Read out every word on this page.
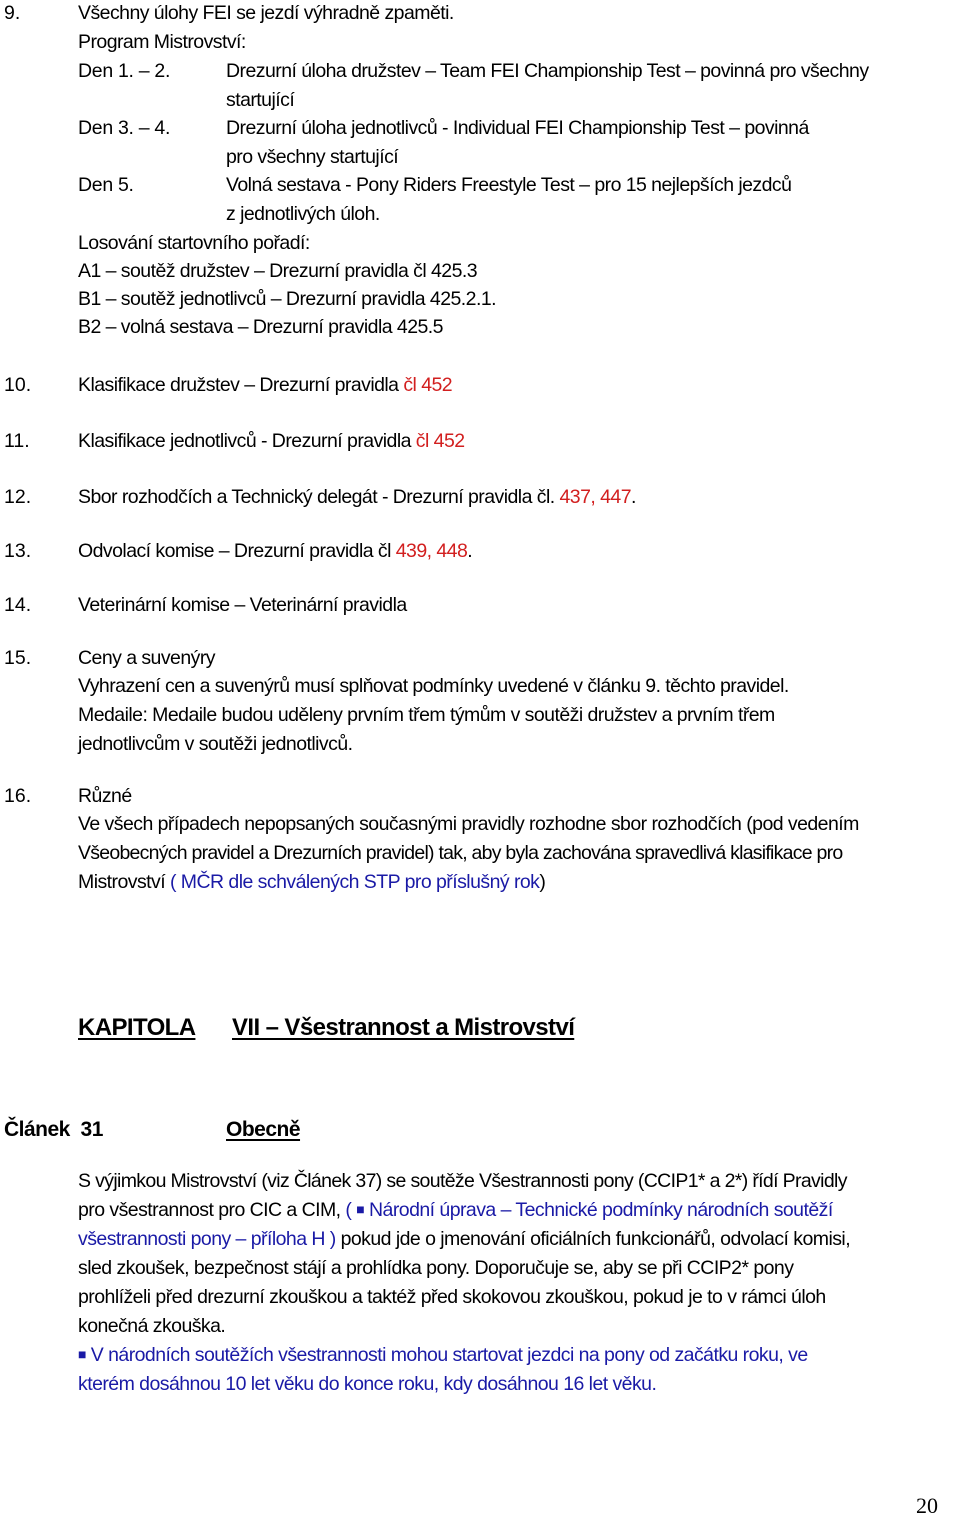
9.	Všechny úlohy FEI se jezdí výhradně zpaměti.
Program Mistrovství:
Den 1. – 2.	Drezurní úloha družstev – Team FEI Championship Test – povinná pro všechny
startující
Den 3. – 4.	Drezurní úloha jednotlivců - Individual FEI Championship Test – povinná
pro všechny startující
Den 5.	Volná sestava - Pony Riders Freestyle Test – pro 15 nejlepších jezdců
z jednotlivých úloh.
Losování startovního pořadí:
A1 – soutěž družstev – Drezurní pravidla čl 425.3
B1 – soutěž jednotlivců – Drezurní pravidla 425.2.1.
B2 – volná sestava – Drezurní pravidla 425.5
10. Klasifikace družstev – Drezurní pravidla čl 452
11. Klasifikace jednotlivců - Drezurní pravidla čl 452
12. Sbor rozhodčích a Technický delegát - Drezurní pravidla čl. 437, 447.
13. Odvolací komise – Drezurní pravidla čl 439, 448.
14. Veterinární komise – Veterinární pravidla
15. Ceny a suvenýry
Vyhrazení cen a suvenýrů musí splňovat podmínky uvedené v článku 9. těchto pravidel.
Medaile: Medaile budou uděleny prvním třem týmům v soutěži družstev a prvním třem
jednotlivcům v soutěži jednotlivců.
16. Různé
Ve všech případech nepopsaných současnými pravidly rozhodne sbor rozhodčích (pod vedením
Všeobecných pravidel a Drezurních pravidel) tak, aby byla zachována spravedlivá klasifikace pro
Mistrovství ( MČR dle schválených STP pro příslušný rok)
KAPITOLA VII – Všestrannost a Mistrovství
Článek  31	Obecně
S výjimkou Mistrovství (viz Článek 37) se soutěže Všestrannosti pony (CCIP1* a 2*) řídí Pravidly
pro všestrannost pro CIC a CIM, ( ■ Národní úprava – Technické podmínky národních soutěží
všestrannosti pony – příloha H ) pokud jde o jmenování oficiálních funkcionářů, odvolací komisi,
sled zkoušek, bezpečnost stájí a prohlídka pony. Doporučuje se, aby se při CCIP2* pony
prohlíželi před drezurní zkouškou a taktéž před skokovou zkouškou, pokud je to v rámci úloh
konečná zkouška.
■ V národních soutěžích všestrannosti mohou startovat jezdci na pony od začátku roku, ve
kterém dosáhnou 10 let věku do konce roku, kdy dosáhnou 16 let věku.
20
